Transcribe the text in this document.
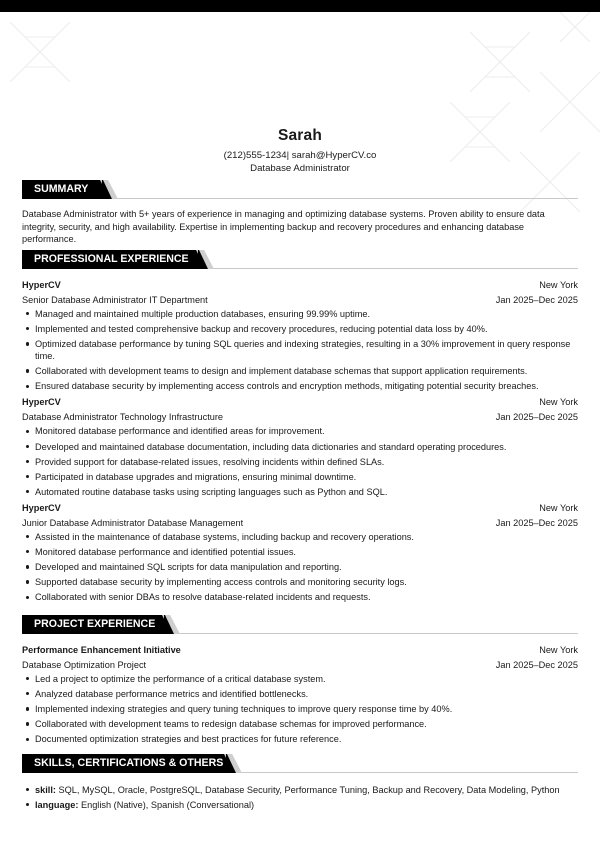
Sarah
(212)555-1234| sarah@HyperCV.co
Database Administrator
SUMMARY

Database Administrator with 5+ years of experience in managing and optimizing database systems. Proven ability to ensure data integrity, security, and high availability. Expertise in implementing backup and recovery procedures and enhancing database performance.

PROFESSIONAL EXPERIENCE
HyperCV	New York
Senior Database Administrator IT Department	Jan 2025–Dec 2025
Managed and maintained multiple production databases, ensuring 99.99% uptime.
Implemented and tested comprehensive backup and recovery procedures, reducing potential data loss by 40%.
Optimized database performance by tuning SQL queries and indexing strategies, resulting in a 30% improvement in query response time.
Collaborated with development teams to design and implement database schemas that support application requirements.
Ensured database security by implementing access controls and encryption methods, mitigating potential security breaches.
HyperCV	New York
Database Administrator Technology Infrastructure	Jan 2025–Dec 2025
Monitored database performance and identified areas for improvement.
Developed and maintained database documentation, including data dictionaries and standard operating procedures.
Provided support for database-related issues, resolving incidents within defined SLAs.
Participated in database upgrades and migrations, ensuring minimal downtime.
Automated routine database tasks using scripting languages such as Python and SQL.
HyperCV	New York
Junior Database Administrator Database Management	Jan 2025–Dec 2025
Assisted in the maintenance of database systems, including backup and recovery operations.
Monitored database performance and identified potential issues.
Developed and maintained SQL scripts for data manipulation and reporting.
Supported database security by implementing access controls and monitoring security logs.
Collaborated with senior DBAs to resolve database-related incidents and requests.
PROJECT EXPERIENCE
Performance Enhancement Initiative	New York
Database Optimization Project	Jan 2025–Dec 2025
Led a project to optimize the performance of a critical database system.
Analyzed database performance metrics and identified bottlenecks.
Implemented indexing strategies and query tuning techniques to improve query response time by 40%.
Collaborated with development teams to redesign database schemas for improved performance.
Documented optimization strategies and best practices for future reference.
SKILLS, CERTIFICATIONS & OTHERS
skill: SQL, MySQL, Oracle, PostgreSQL, Database Security, Performance Tuning, Backup and Recovery, Data Modeling, Python
language: English (Native), Spanish (Conversational)
